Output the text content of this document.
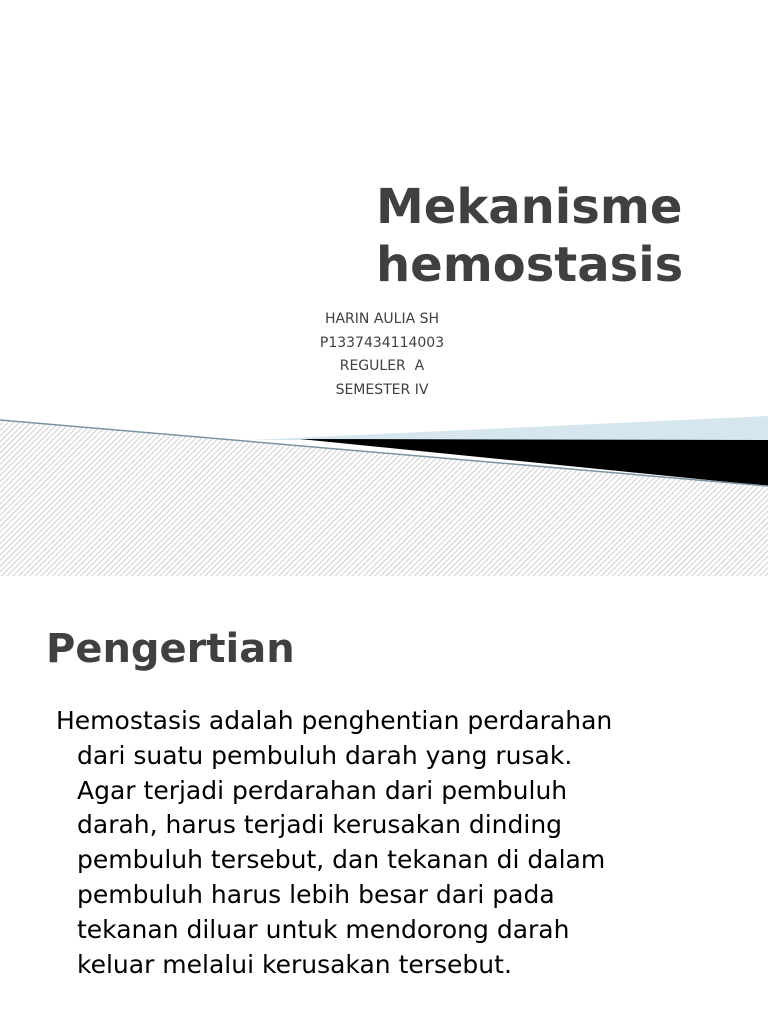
Mekanisme
hemostasis
HARIN AULIA SH
P1337434114003
REGULER  A
SEMESTER IV
Pengertian

Hemostasis adalah penghentian perdarahan
dari suatu pembuluh darah yang rusak.
Agar terjadi perdarahan dari pembuluh
darah, harus terjadi kerusakan dinding
pembuluh tersebut, dan tekanan di dalam
pembuluh harus lebih besar dari pada
tekanan diluar untuk mendorong darah
keluar melalui kerusakan tersebut.
